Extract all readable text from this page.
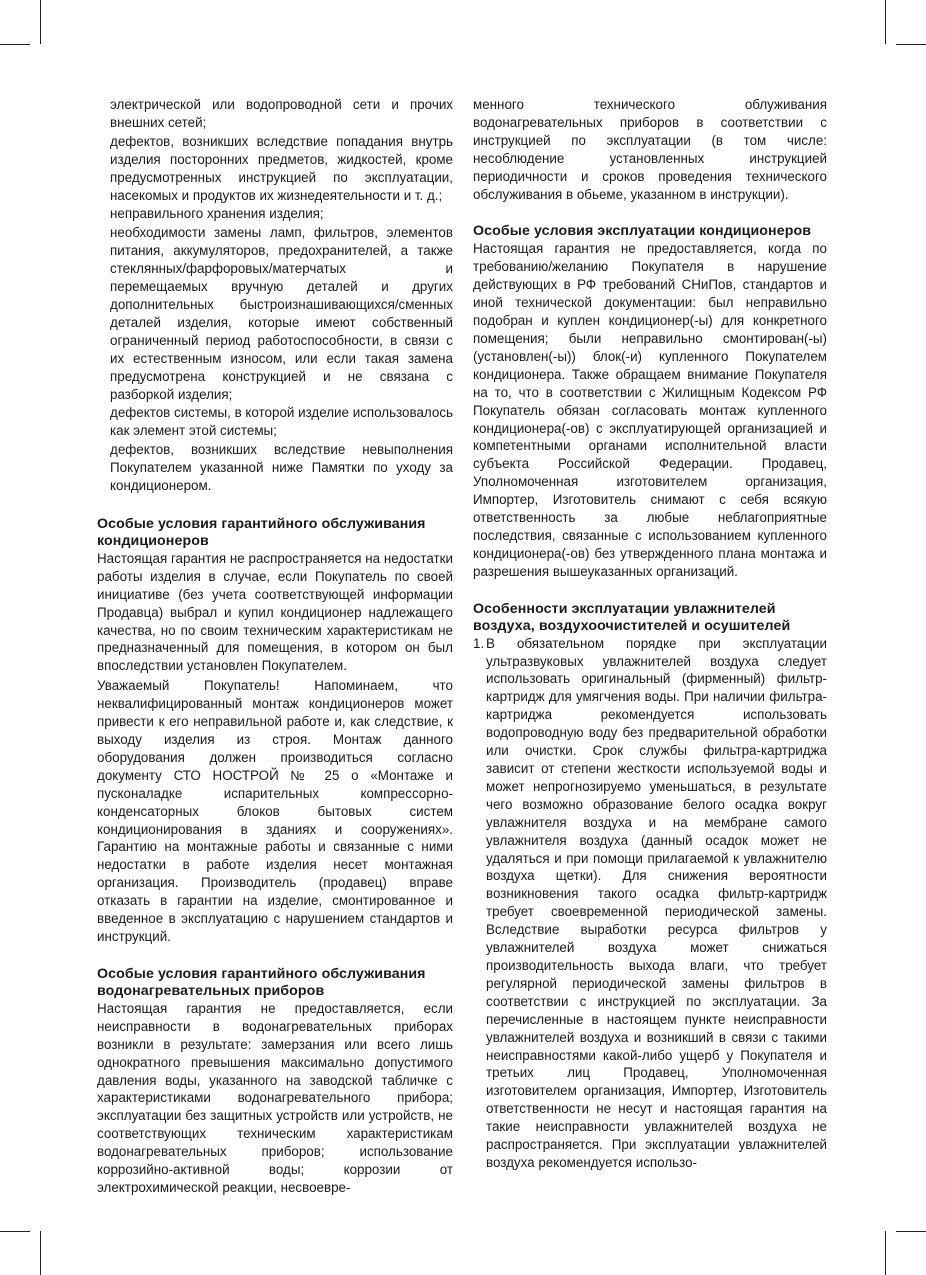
электрической или водопроводной сети и прочих внешних сетей;

дефектов, возникших вследствие попадания внутрь изделия посторонних предметов, жидкостей, кроме предусмотренных инструкцией по эксплуатации, насекомых и продуктов их жизнедеятельности и т. д.;

неправильного хранения изделия;

необходимости замены ламп, фильтров, элементов питания, аккумуляторов, предохранителей, а также стеклянных/фарфоровых/матерчатых и перемещаемых вручную деталей и других дополнительных быстроизнашивающихся/сменных деталей изделия, которые имеют собственный ограниченный период работоспособности, в связи с их естественным износом, или если такая замена предусмотрена конструкцией и не связана с разборкой изделия;

дефектов системы, в которой изделие использовалось как элемент этой системы;

дефектов, возникших вследствие невыполнения Покупателем указанной ниже Памятки по уходу за кондиционером.

Особые условия гарантийного обслуживания кондиционеров

Настоящая гарантия не распространяется на недостатки работы изделия в случае, если Покупатель по своей инициативе (без учета соответствующей информации Продавца) выбрал и купил кондиционер надлежащего качества, но по своим техническим характеристикам не предназначенный для помещения, в котором он был впоследствии установлен Покупателем.

Уважаемый Покупатель! Напоминаем, что неквалифицированный монтаж кондиционеров может привести к его неправильной работе и, как следствие, к выходу изделия из строя. Монтаж данного оборудования должен производиться согласно документу СТО НОСТРОЙ № 25 о «Монтаже и пусконаладке испарительных компрессорно-конденсаторных блоков бытовых систем кондиционирования в зданиях и сооружениях». Гарантию на монтажные работы и связанные с ними недостатки в работе изделия несет монтажная организация. Производитель (продавец) вправе отказать в гарантии на изделие, смонтированное и введенное в эксплуатацию с нарушением стандартов и инструкций.

Особые условия гарантийного обслуживания водонагревательных приборов

Настоящая гарантия не предоставляется, если неисправности в водонагревательных приборах возникли в результате: замерзания или всего лишь однократного превышения максимально допустимого давления воды, указанного на заводской табличке с характеристиками водонагревательного прибора; эксплуатации без защитных устройств или устройств, не соответствующих техническим характеристикам водонагревательных приборов; использование коррозийно-активной воды; коррозии от электрохимической реакции, несвоевре-

менного технического облуживания водонагревательных приборов в соответствии с инструкцией по эксплуатации (в том числе: несоблюдение установленных инструкцией периодичности и сроков проведения технического обслуживания в обьеме, указанном в инструкции).

Особые условия эксплуатации кондиционеров

Настоящая гарантия не предоставляется, когда по требованию/желанию Покупателя в нарушение действующих в РФ требований СНиПов, стандартов и иной технической документации: был неправильно подобран и куплен кондиционер(-ы) для конкретного помещения; были неправильно смонтирован(-ы) (установлен(-ы)) блок(-и) купленного Покупателем кондиционера. Также обращаем внимание Покупателя на то, что в соответствии с Жилищным Кодексом РФ Покупатель обязан согласовать монтаж купленного кондиционера(-ов) с эксплуатирующей организацией и компетентными органами исполнительной власти субъекта Российской Федерации. Продавец, Уполномоченная изготовителем организация, Импортер, Изготовитель снимают с себя всякую ответственность за любые неблагоприятные последствия, связанные с использованием купленного кондиционера(-ов) без утвержденного плана монтажа и разрешения вышеуказанных организаций.

Особенности эксплуатации увлажнителей воздуха, воздухоочистителей и осушителей

1. В обязательном порядке при эксплуатации ультразвуковых увлажнителей воздуха следует использовать оригинальный (фирменный) фильтр-картридж для умягчения воды. При наличии фильтра-картриджа рекомендуется использовать водопроводную воду без предварительной обработки или очистки. Срок службы фильтра-картриджа зависит от степени жесткости используемой воды и может непрогнозируемо уменьшаться, в результате чего возможно образование белого осадка вокруг увлажнителя воздуха и на мембране самого увлажнителя воздуха (данный осадок может не удаляться и при помощи прилагаемой к увлажнителю воздуха щетки). Для снижения вероятности возникновения такого осадка фильтр-картридж требует своевременной периодической замены. Вследствие выработки ресурса фильтров у увлажнителей воздуха может снижаться производительность выхода влаги, что требует регулярной периодической замены фильтров в соответствии с инструкцией по эксплуатации. За перечисленные в настоящем пункте неисправности увлажнителей воздуха и возникший в связи с такими неисправностями какой-либо ущерб у Покупателя и третьих лиц Продавец, Уполномоченная изготовителем организация, Импортер, Изготовитель ответственности не несут и настоящая гарантия на такие неисправности увлажнителей воздуха не распространяется. При эксплуатации увлажнителей воздуха рекомендуется использо-
